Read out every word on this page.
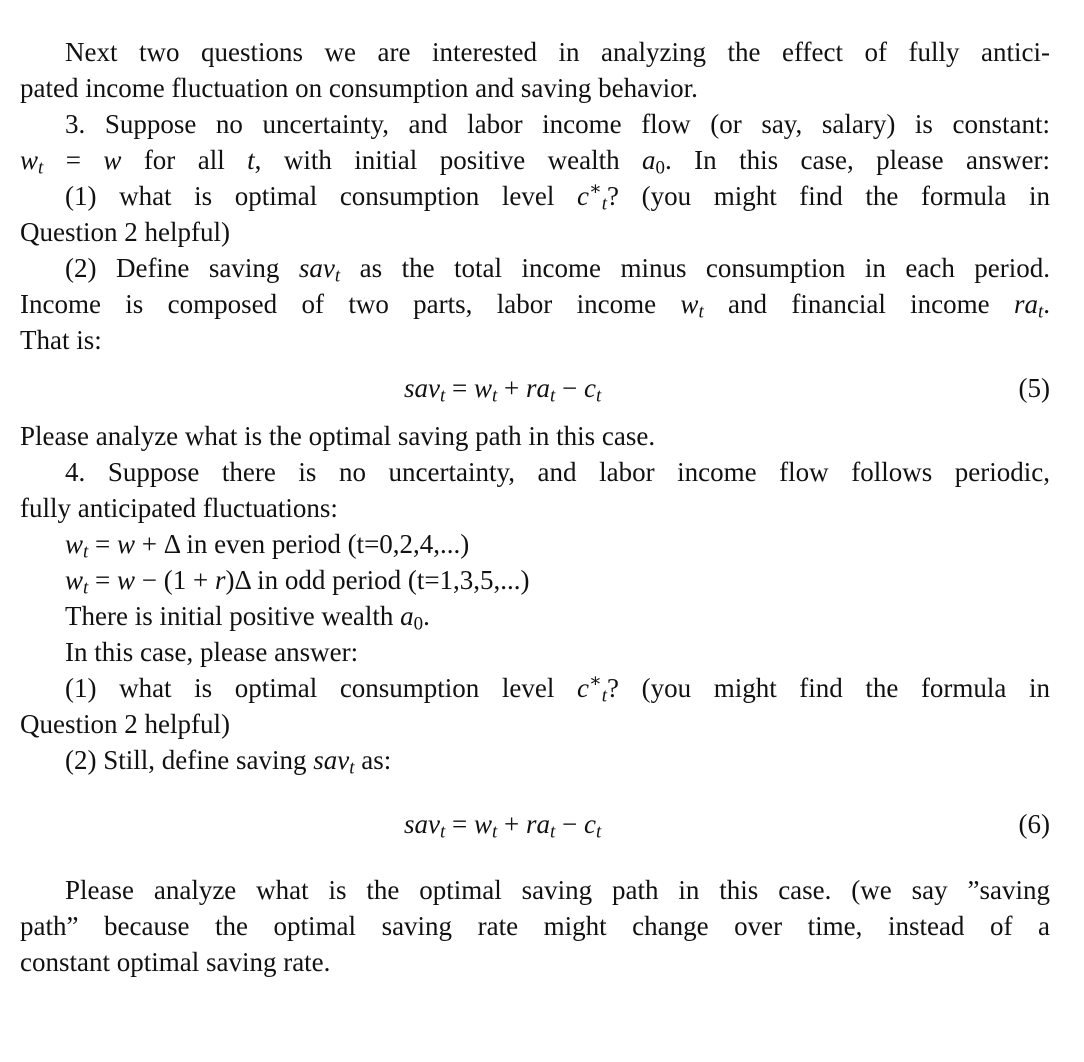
Next two questions we are interested in analyzing the effect of fully antici-

pated income fluctuation on consumption and saving behavior.

3. Suppose no uncertainty, and labor income flow (or say, salary) is constant:

$w_t = w$ for all t, with initial positive wealth $a_0$. In this case, please answer:

(1) what is optimal consumption level $c^∗_t$? (you might find the formula in

Question 2 helpful)

(2) Define saving sav$_t$ as the total income minus consumption in each period.

Income is composed of two parts, labor income $w_t$ and financial income $ra_t$.

That is:

$sav_t = w_t + ra_t - c_t$	(5)

Please analyze what is the optimal saving path in this case.

4. Suppose there is no uncertainty, and labor income flow follows periodic,

fully anticipated fluctuations:

$w_t = w + \Delta$ in even period (t=0,2,4,...)

$w_t = w - (1 + r)\Delta$ in odd period (t=1,3,5,...)

There is initial positive wealth $a_0$.

In this case, please answer:

(1) what is optimal consumption level $c^∗_t$? (you might find the formula in

Question 2 helpful)

(2) Still, define saving sav$_t$ as:

$sav_t = w_t + ra_t - c_t$	(6)

Please analyze what is the optimal saving path in this case. (we say ”saving

path” because the optimal saving rate might change over time, instead of a

constant optimal saving rate.
